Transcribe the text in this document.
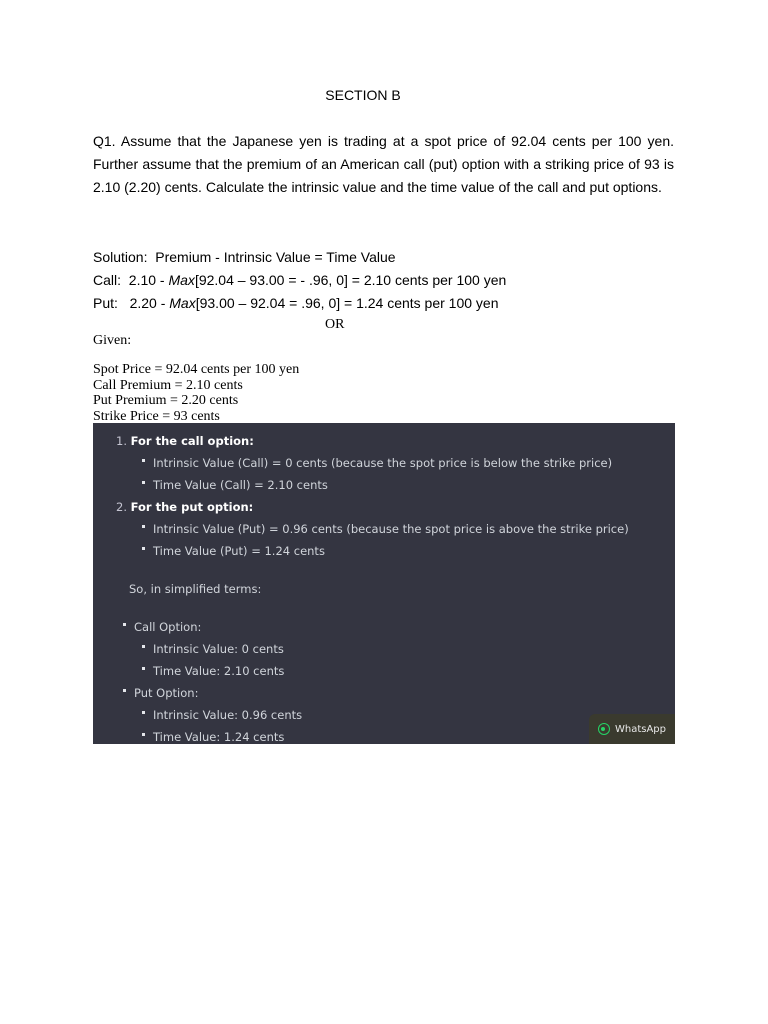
SECTION B
Q1. Assume that the Japanese yen is trading at a spot price of 92.04 cents per 100 yen. Further assume that the premium of an American call (put) option with a striking price of 93 is 2.10 (2.20) cents. Calculate the intrinsic value and the time value of the call and put options.
Solution:  Premium - Intrinsic Value = Time Value
Call:  2.10 - Max[92.04 – 93.00 = - .96, 0] = 2.10 cents per 100 yen
Put:   2.20 - Max[93.00 – 92.04 = .96, 0] = 1.24 cents per 100 yen
OR
Given:
Spot Price = 92.04 cents per 100 yen
Call Premium = 2.10 cents
Put Premium = 2.20 cents
Strike Price = 93 cents
1. For the call option:
Intrinsic Value (Call) = 0 cents (because the spot price is below the strike price)
Time Value (Call) = 2.10 cents
2. For the put option:
Intrinsic Value (Put) = 0.96 cents (because the spot price is above the strike price)
Time Value (Put) = 1.24 cents
So, in simplified terms:
Call Option:
Intrinsic Value: 0 cents
Time Value: 2.10 cents
Put Option:
Intrinsic Value: 0.96 cents
Time Value: 1.24 cents
WhatsApp
